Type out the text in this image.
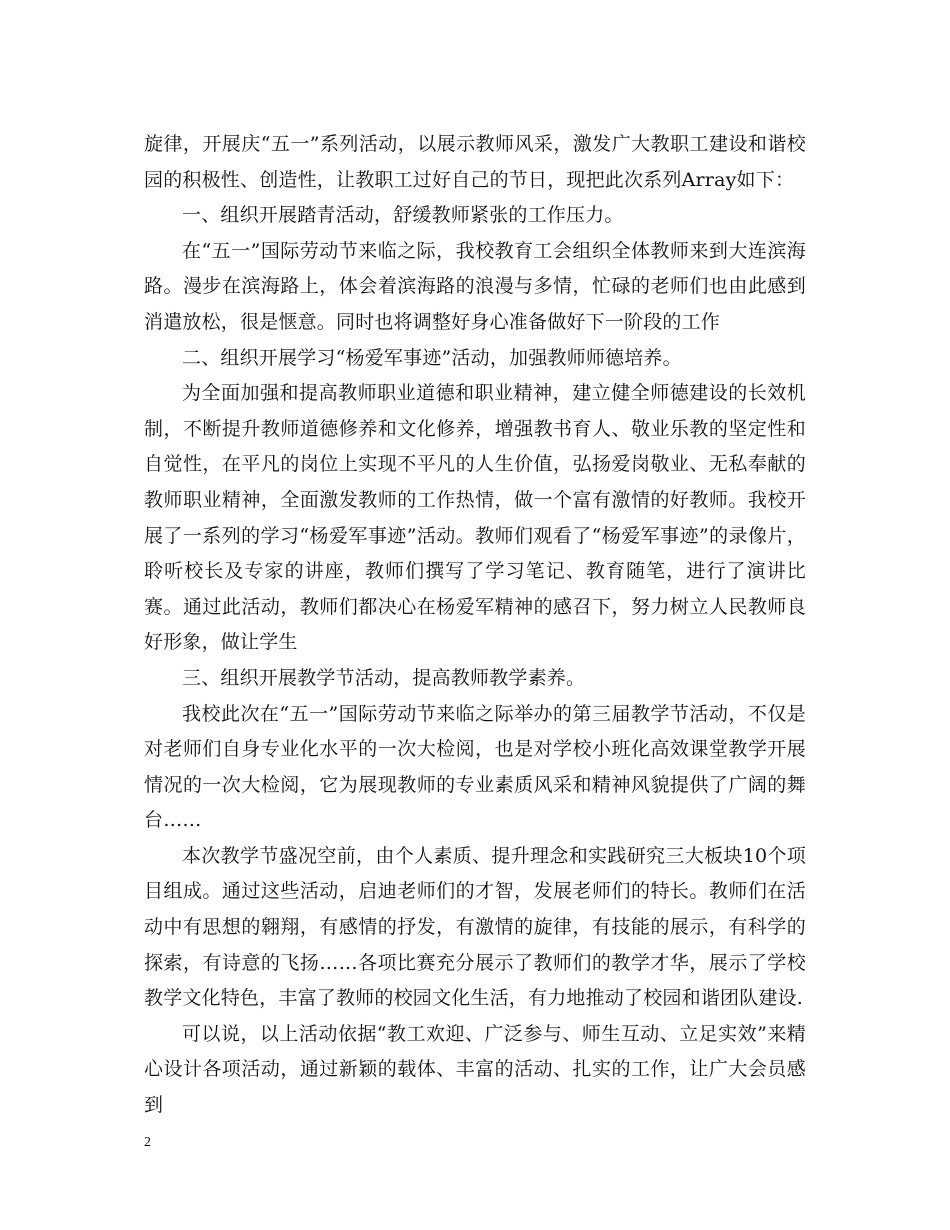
旋律，开展庆“五一”系列活动，以展示教师风采，激发广大教职工建设和谐校园的积极性、创造性，让教职工过好自己的节日，现把此次系列Array如下：

一、组织开展踏青活动，舒缓教师紧张的工作压力。

在“五一”国际劳动节来临之际，我校教育工会组织全体教师来到大连滨海路。漫步在滨海路上，体会着滨海路的浪漫与多情，忙碌的老师们也由此感到消遣放松，很是惬意。同时也将调整好身心准备做好下一阶段的工作

二、组织开展学习“杨爱军事迹”活动，加强教师师德培养。

为全面加强和提高教师职业道德和职业精神，建立健全师德建设的长效机制，不断提升教师道德修养和文化修养，增强教书育人、敬业乐教的坚定性和自觉性，在平凡的岗位上实现不平凡的人生价值，弘扬爱岗敬业、无私奉献的教师职业精神，全面激发教师的工作热情，做一个富有激情的好教师。我校开展了一系列的学习“杨爱军事迹”活动。教师们观看了“杨爱军事迹”的录像片，聆听校长及专家的讲座，教师们撰写了学习笔记、教育随笔，进行了演讲比赛。通过此活动，教师们都决心在杨爱军精神的感召下，努力树立人民教师良好形象，做让学生

三、组织开展教学节活动，提高教师教学素养。

我校此次在“五一”国际劳动节来临之际举办的第三届教学节活动，不仅是对老师们自身专业化水平的一次大检阅，也是对学校小班化高效课堂教学开展情况的一次大检阅，它为展现教师的专业素质风采和精神风貌提供了广阔的舞台……

本次教学节盛况空前，由个人素质、提升理念和实践研究三大板块10个项目组成。通过这些活动，启迪老师们的才智，发展老师们的特长。教师们在活动中有思想的翱翔，有感情的抒发，有激情的旋律，有技能的展示，有科学的探索，有诗意的飞扬……各项比赛充分展示了教师们的教学才华，展示了学校教学文化特色，丰富了教师的校园文化生活，有力地推动了校园和谐团队建设.

可以说，以上活动依据“教工欢迎、广泛参与、师生互动、立足实效”来精心设计各项活动，通过新颖的载体、丰富的活动、扎实的工作，让广大会员感到

2
